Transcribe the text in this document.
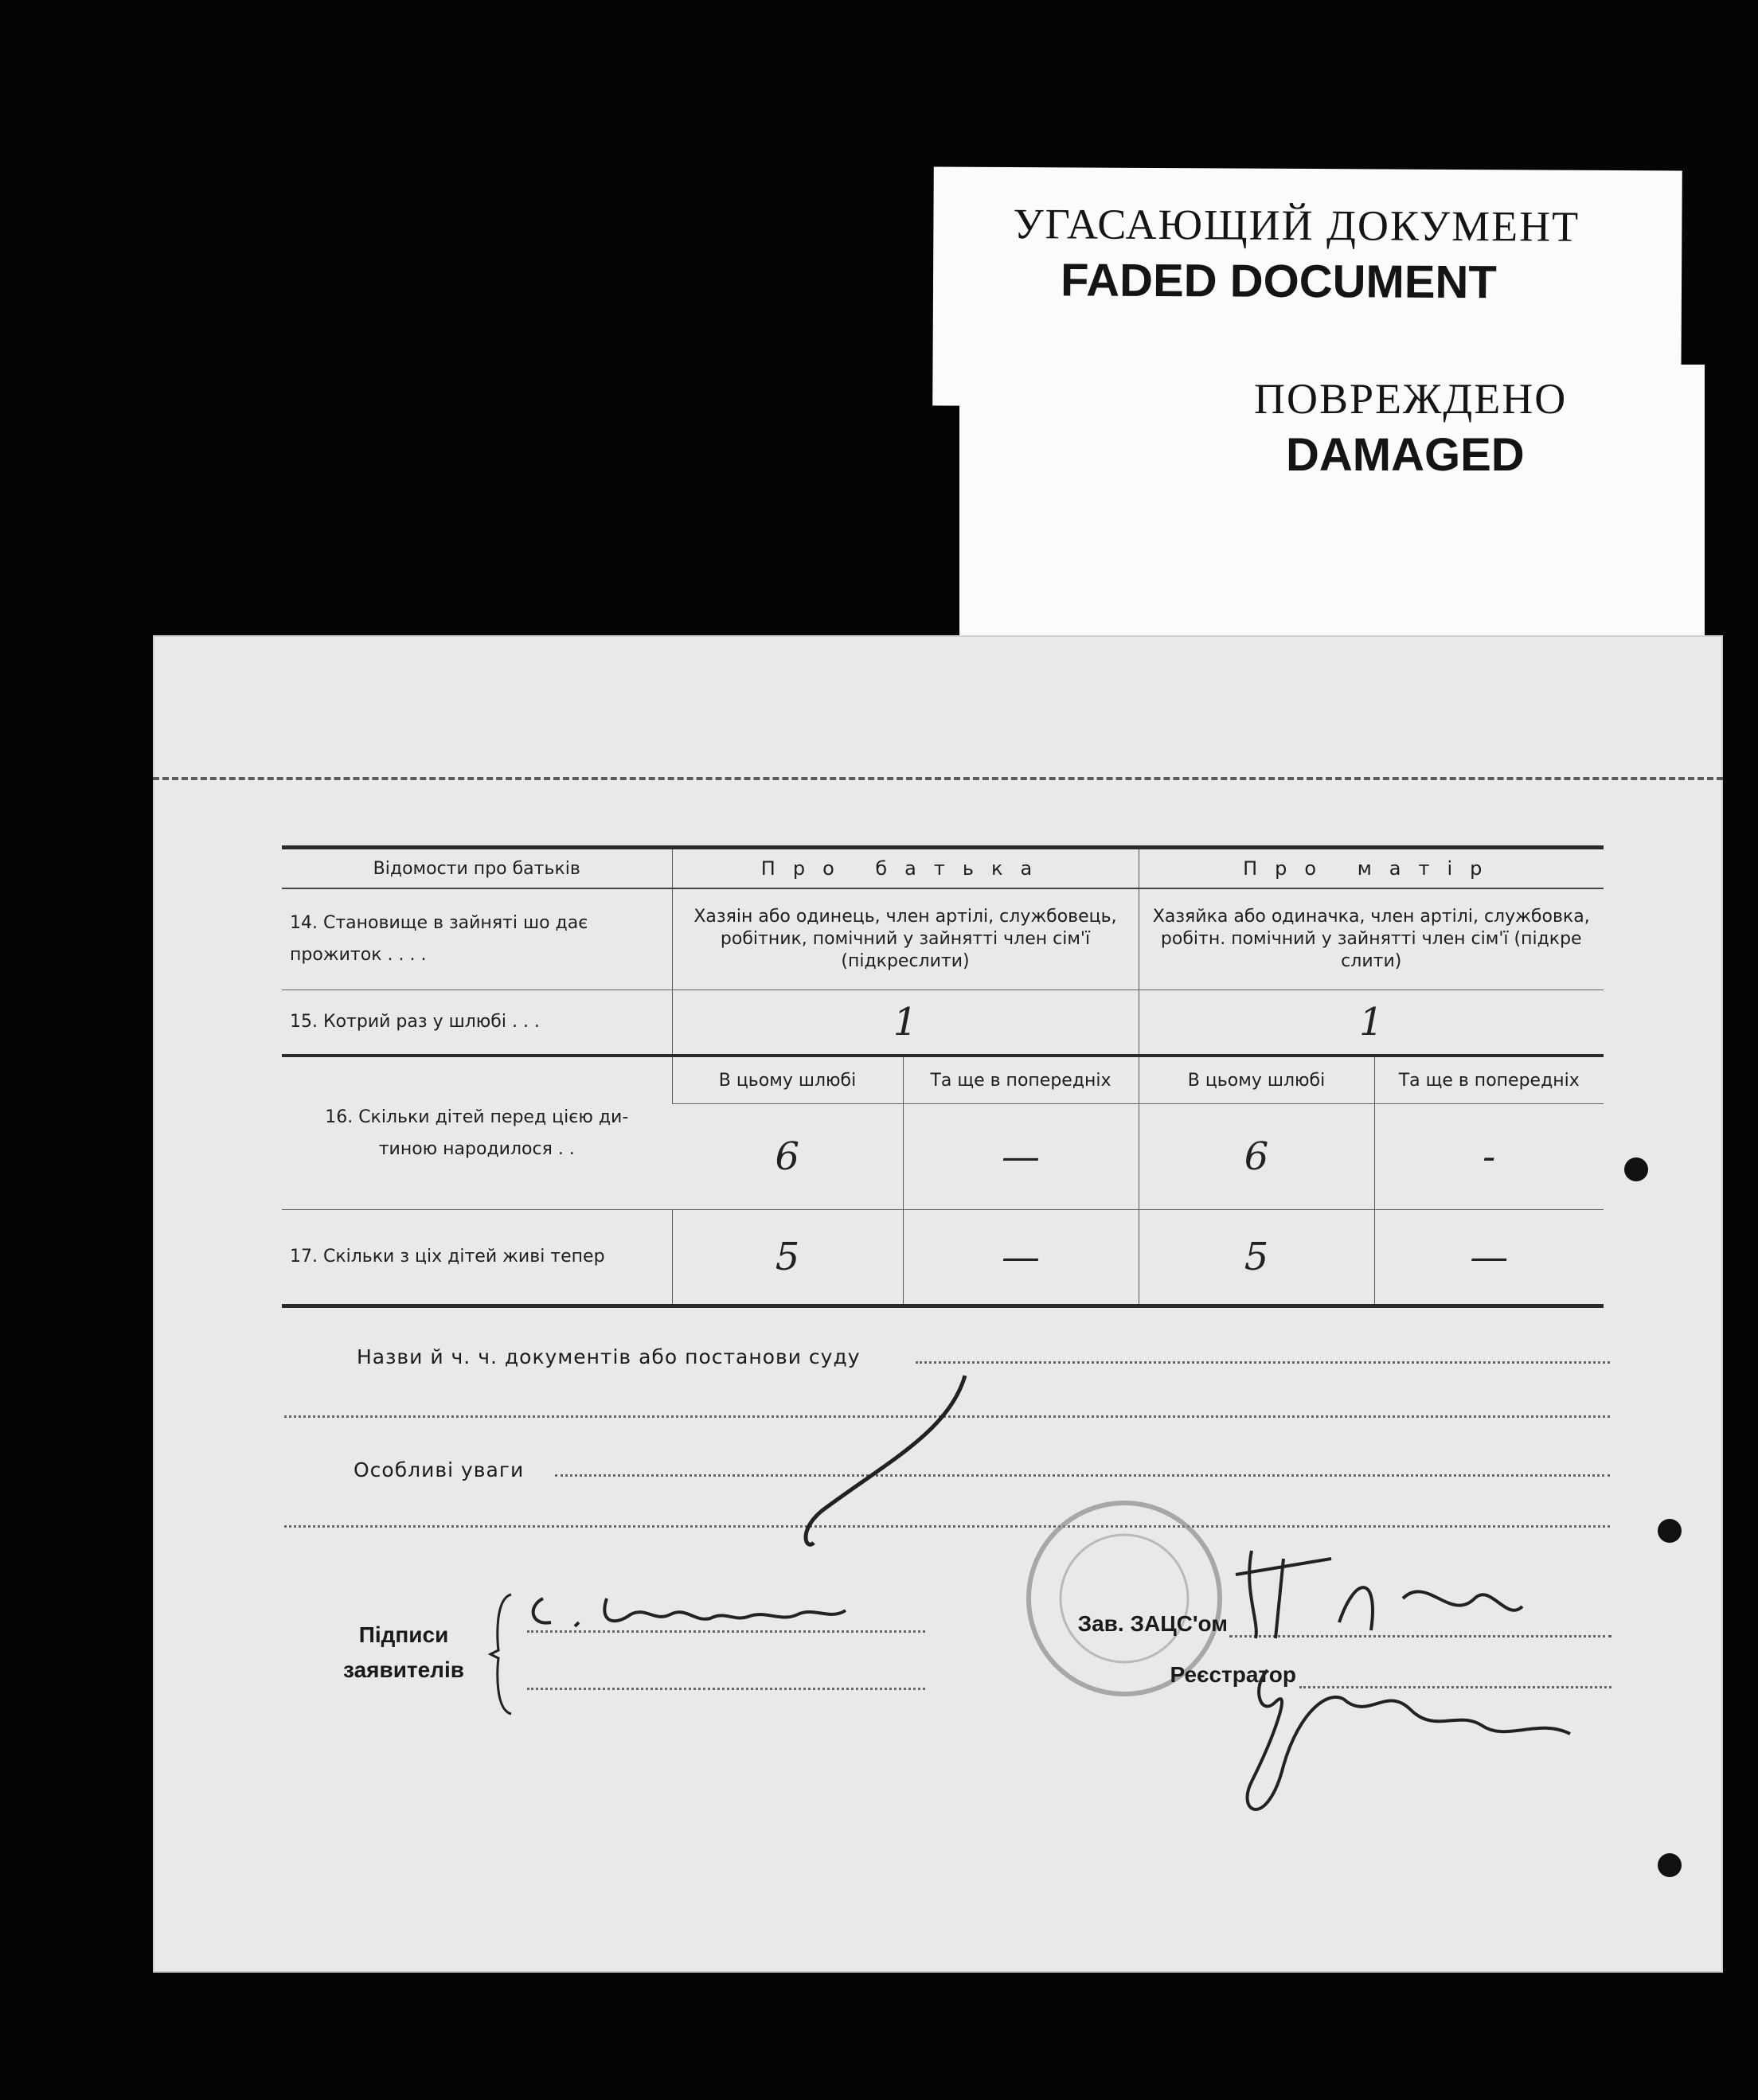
УГАСАЮЩИЙ ДОКУМЕНТ
FADED DOCUMENT
ПОВРЕЖДЕНО
DAMAGED
Відомости про батьків	Про батька		Про матір	

14. Становище в зайняті шо дає
прожиток . . . .	Хазяін або одинець, член артілі, службовець, робітник, помічний у зайнятті член сім'ї (підкреслити)		Хазяйка або одиначка, член артілі, службовка, робітн. помічний у зайнятті член сім'ї (підкре слити)	
15. Котрий раз у шлюбі . . .	1		1	

16. Скільки дітей перед цією ди-
тиною народилося . .	В цьому шлюбі	Та ще в попередніх	В цьому шлюбі	Та ще в попередніх
	6	—	6	-
17. Скільки з ціх дітей живі тепер	5	—	5	—
Назви й ч. ч. документів або постанови суду
Особливі уваги
Підписи
заявителів
Зав. ЗАЦС'ом
Реєстратор
